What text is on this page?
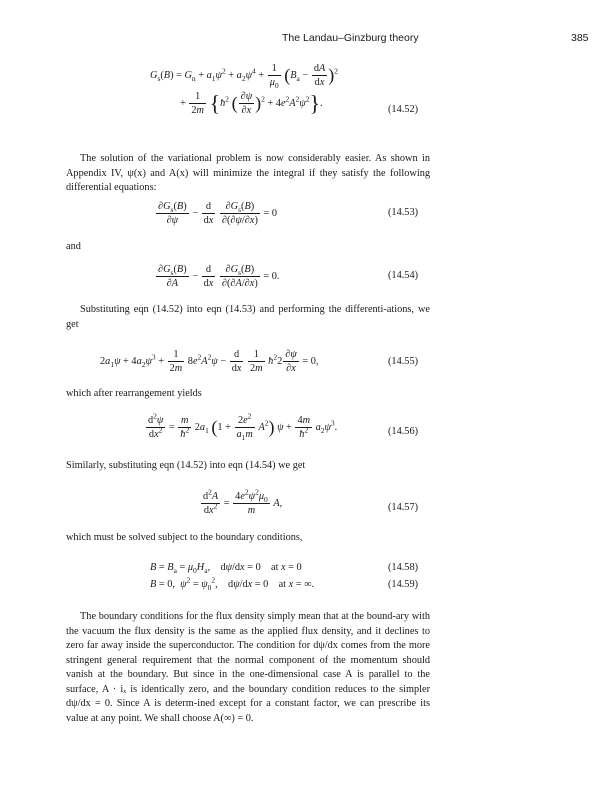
The Landau–Ginzburg theory	385
$G_s(B) = G_n + a_1\psi^2 + a_2\psi^4 + \frac{1}{\mu_0} (B_a - \frac{dA}{dx} )^2$
+ $\frac{1}{2m}$ {$ħ^2$ ( $\frac{\partial\psi}{\partial x} )^2 + 4e^2A^2\psi^2$}.
(14.52)

The solution of the variational problem is now considerably easier. As shown in Appendix IV, ψ(x) and A(x) will minimize the integral if they satisfy the following differential equations:

$\frac{\partial G_s(B)}{\partial\psi} - \frac{d}{dx}$
$\frac{\partial G_s(B)}{\partial(\partial\psi/\partial x)} = 0$	(14.53)

and

$\frac{\partial G_s(B)}{\partial A} - \frac{d}{dx}$
$\frac{\partial G_s(B)}{\partial(\partial A/\partial x)} = 0$.	(14.54)

Substituting eqn (14.52) into eqn (14.53) and performing the differenti-ations, we get

$2a_1\psi + 4a_2\psi^3 + \frac{1}{2m} 8e^2A^2\psi - \frac{d}{dx}$
$\frac{1}{2m}$ $ħ^22 \frac{\partial\psi}{\partial x} = 0$,	(14.55)

which after rearrangement yields

$\frac{d^2\psi}{dx^2} = \frac{m}{ħ^2} 2a_1$ $(1 + \frac{2e^2}{a_1m} A^2)$ $\psi + \frac{4m}{ħ^2} a_2\psi^3$.	(14.56)

Similarly, substituting eqn (14.52) into eqn (14.54) we get

$\frac{d^2A}{dx^2} = \frac{4e^2\psi^2\mu_0}{m} A$,	(14.57)

which must be solved subject to the boundary conditions,

$B = B_a = \mu_0H_a$,    dψ/dx = 0    at x = 0	(14.58)
B = 0,  $\psi^2 = \psi_0^2$,    dψ/dx = 0    at x = ∞.	(14.59)

The boundary conditions for the flux density simply mean that at the bound-ary with the vacuum the flux density is the same as the applied flux density, and it declines to zero far away inside the superconductor. The condition for dψ/dx comes from the more stringent general requirement that the normal component of the momentum should vanish at the boundary. But since in the one-dimensional case A is parallel to the surface, A · iₓ is identically zero, and the boundary condition reduces to the simpler dψ/dx = 0. Since A is determ-ined except for a constant factor, we can prescribe its value at any point. We shall choose A(∞) = 0.
